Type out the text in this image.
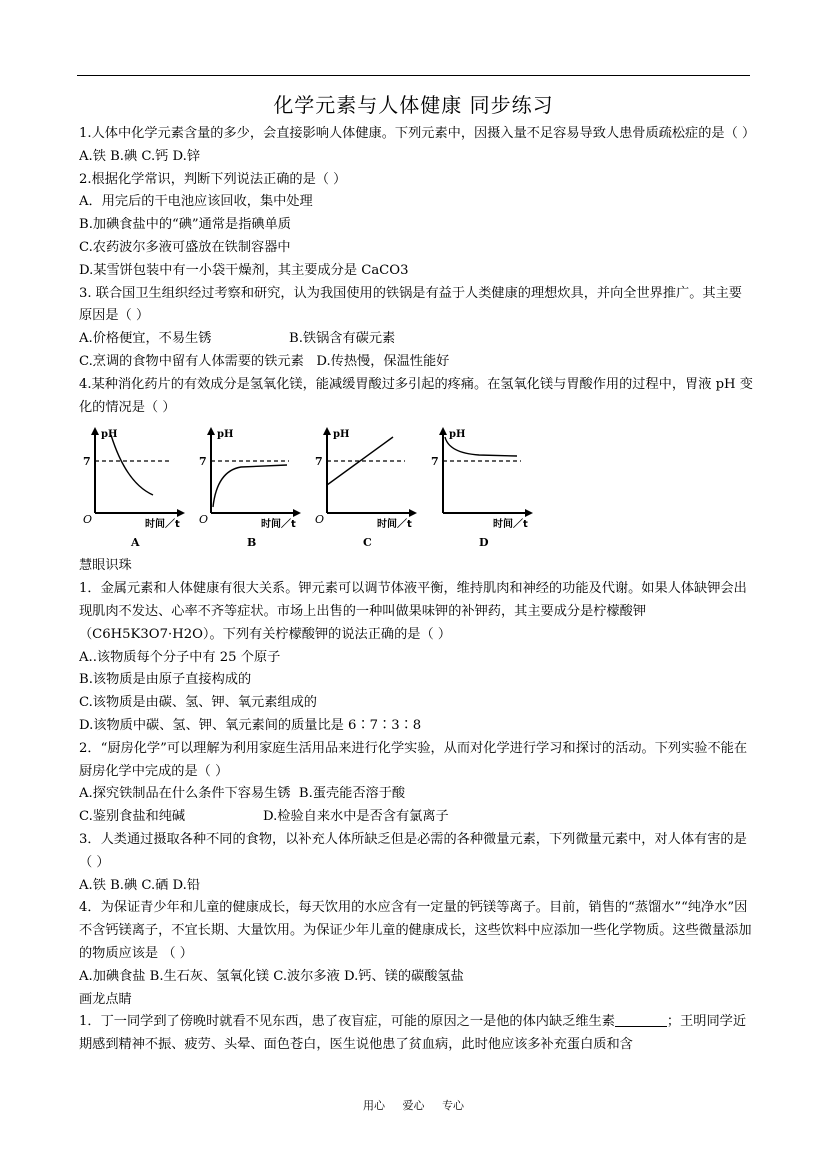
化学元素与人体健康 同步练习
1.人体中化学元素含量的多少，会直接影响人体健康。下列元素中，因摄入量不足容易导致人患骨质疏松症的是（ ）
A.铁 B.碘 C.钙 D.锌
2.根据化学常识，判断下列说法正确的是（ ）
A．用完后的干电池应该回收，集中处理
B.加碘食盐中的“碘”通常是指碘单质
C.农药波尔多液可盛放在铁制容器中
D.某雪饼包装中有一小袋干燥剂，其主要成分是 CaCO3
3. 联合国卫生组织经过考察和研究，认为我国使用的铁锅是有益于人类健康的理想炊具，并向全世界推广。其主要原因是（ ）
A.价格便宜，不易生锈	B.铁锅含有碳元素
C.烹调的食物中留有人体需要的铁元素 D.传热慢，保温性能好
4.某种消化药片的有效成分是氢氧化镁，能减缓胃酸过多引起的疼痛。在氢氧化镁与胃酸作用的过程中，胃液 pH 变化的情况是（ ）
pH
7
O	时间／t
A
pH
7
O	时间／t
B
pH
7
O	时间／t
C
pH
7
时间／t
D
慧眼识珠
1．金属元素和人体健康有很大关系。钾元素可以调节体液平衡，维持肌肉和神经的功能及代谢。如果人体缺钾会出现肌肉不发达、心率不齐等症状。市场上出售的一种叫做果味钾的补钾药，其主要成分是柠檬酸钾（C6H5K3O7·H2O）。下列有关柠檬酸钾的说法正确的是（ ）
A..该物质每个分子中有 25 个原子
B.该物质是由原子直接构成的
C.该物质是由碳、氢、钾、氧元素组成的
D.该物质中碳、氢、钾、氧元素间的质量比是 6∶7∶3∶8
2．“厨房化学”可以理解为利用家庭生活用品来进行化学实验，从而对化学进行学习和探讨的活动。下列实验不能在厨房化学中完成的是（ ）
A.探究铁制品在什么条件下容易生锈 B.蛋壳能否溶于酸
C.鉴别食盐和纯碱	D.检验自来水中是否含有氯离子
3．人类通过摄取各种不同的食物，以补充人体所缺乏但是必需的各种微量元素，下列微量元素中，对人体有害的是（ ）
A.铁 B.碘 C.硒 D.铅
4．为保证青少年和儿童的健康成长，每天饮用的水应含有一定量的钙镁等离子。目前，销售的“蒸馏水”“纯净水”因不含钙镁离子，不宜长期、大量饮用。为保证少年儿童的健康成长，这些饮料中应添加一些化学物质。这些微量添加的物质应该是 （ ）
A.加碘食盐 B.生石灰、氢氧化镁 C.波尔多液 D.钙、镁的碳酸氢盐
画龙点睛
1．丁一同学到了傍晚时就看不见东西，患了夜盲症，可能的原因之一是他的体内缺乏维生素	；王明同学近期感到精神不振、疲劳、头晕、面色苍白，医生说他患了贫血病，此时他应该多补充蛋白质和含
用心 爱心 专心
